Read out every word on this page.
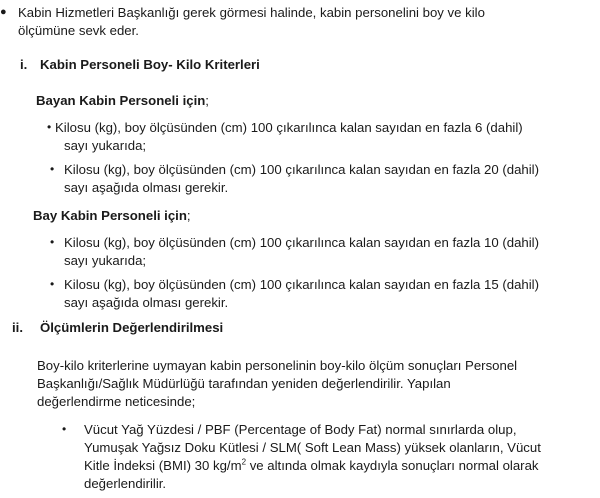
● Kabin Hizmetleri Başkanlığı gerek görmesi halinde, kabin personelini boy ve kilo
ölçümüne sevk eder.
i. Kabin Personeli Boy- Kilo Kriterleri
Bayan Kabin Personeli için;
• Kilosu (kg), boy ölçüsünden (cm) 100 çıkarılınca kalan sayıdan en fazla 6 (dahil)
sayı yukarıda;
• Kilosu (kg), boy ölçüsünden (cm) 100 çıkarılınca kalan sayıdan en fazla 20 (dahil)
sayı aşağıda olması gerekir.
Bay Kabin Personeli için;
• Kilosu (kg), boy ölçüsünden (cm) 100 çıkarılınca kalan sayıdan en fazla 10 (dahil)
sayı yukarıda;
• Kilosu (kg), boy ölçüsünden (cm) 100 çıkarılınca kalan sayıdan en fazla 15 (dahil)
sayı aşağıda olması gerekir.
ii. Ölçümlerin Değerlendirilmesi
Boy-kilo kriterlerine uymayan kabin personelinin boy-kilo ölçüm sonuçları Personel
Başkanlığı/Sağlık Müdürlüğü tarafından yeniden değerlendirilir. Yapılan
değerlendirme neticesinde;
• Vücut Yağ Yüzdesi / PBF (Percentage of Body Fat) normal sınırlarda olup,
Yumuşak Yağsız Doku Kütlesi / SLM( Soft Lean Mass) yüksek olanların, Vücut
Kitle İndeksi (BMI) 30 $kg/m^2$ ve altında olmak kaydıyla sonuçları normal olarak
değerlendirilir.
